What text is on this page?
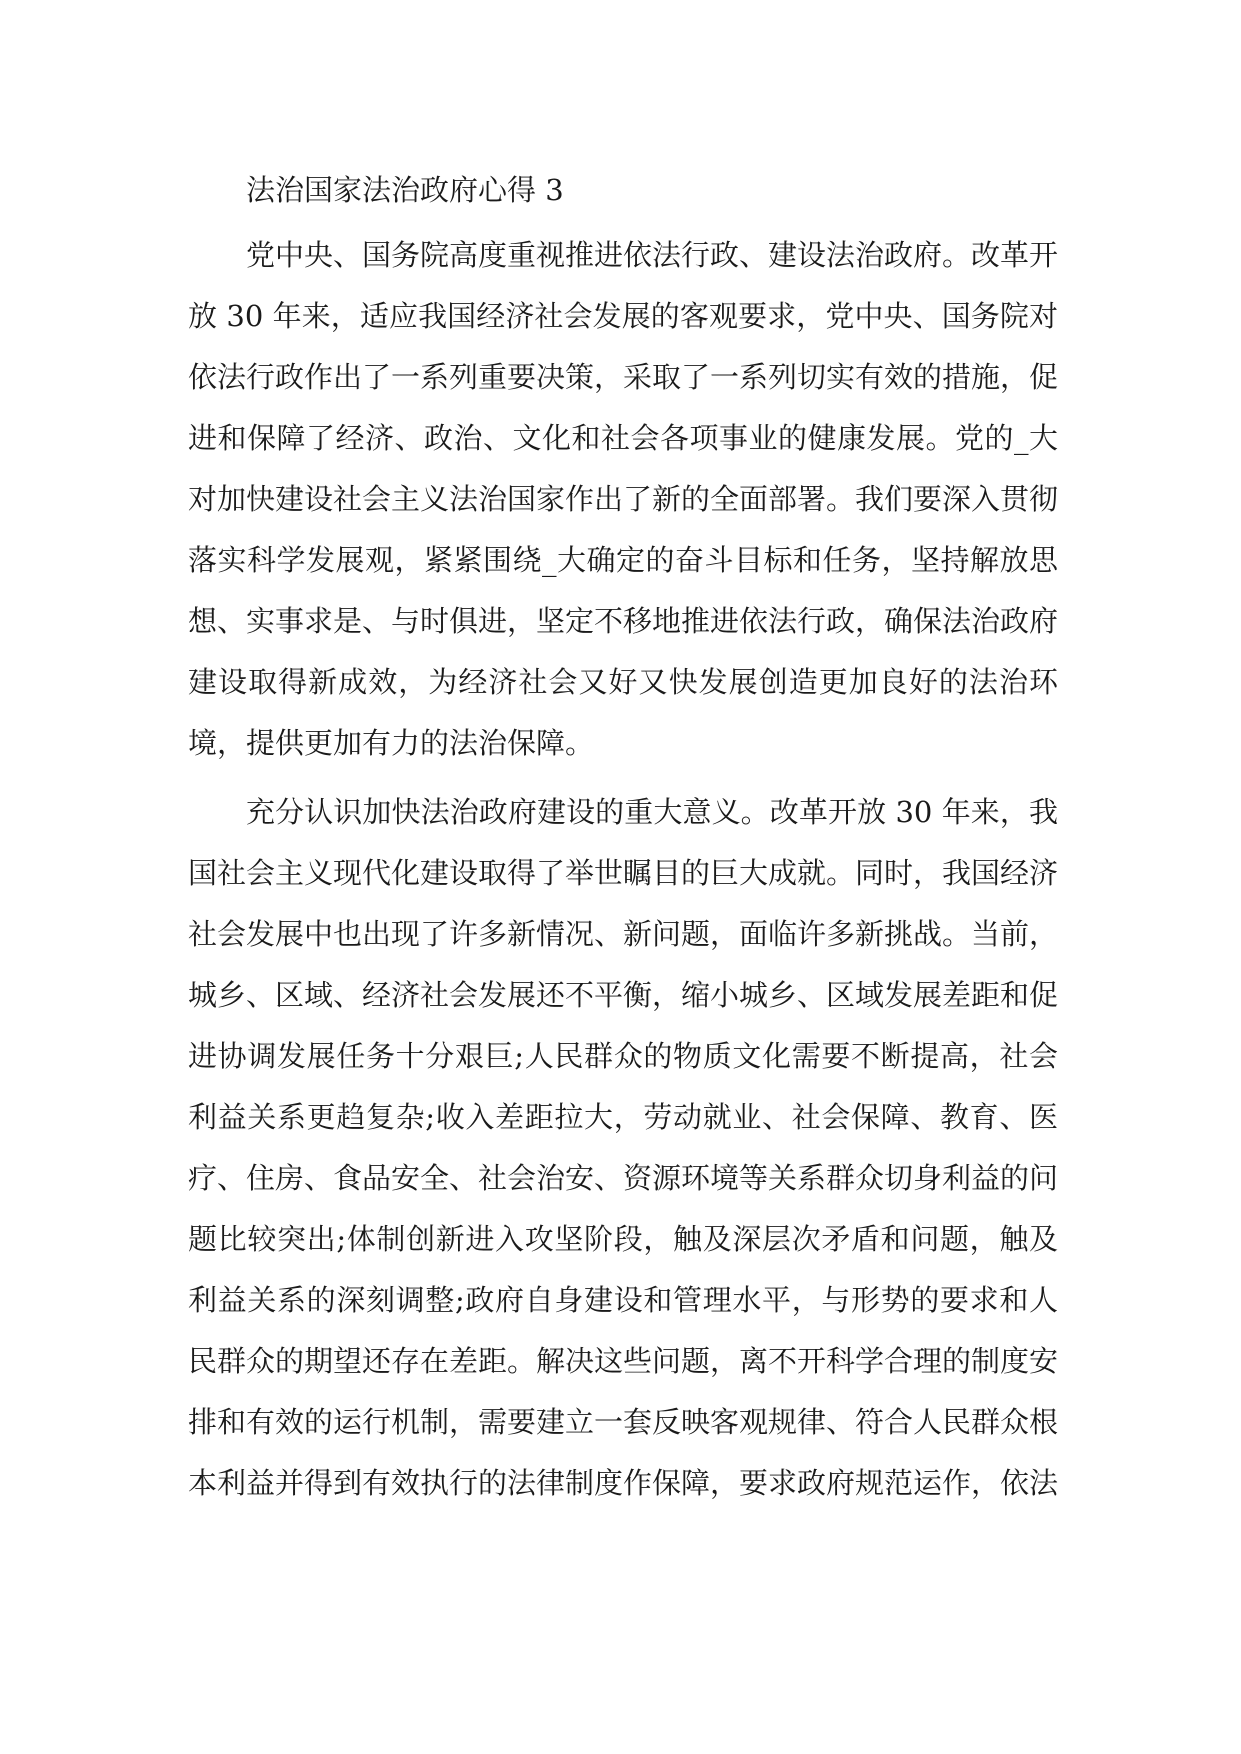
法治国家法治政府心得 3

党中央、国务院高度重视推进依法行政、建设法治政府。改革开放 30 年来，适应我国经济社会发展的客观要求，党中央、国务院对依法行政作出了一系列重要决策，采取了一系列切实有效的措施，促进和保障了经济、政治、文化和社会各项事业的健康发展。党的_大对加快建设社会主义法治国家作出了新的全面部署。我们要深入贯彻落实科学发展观，紧紧围绕_大确定的奋斗目标和任务，坚持解放思想、实事求是、与时俱进，坚定不移地推进依法行政，确保法治政府建设取得新成效，为经济社会又好又快发展创造更加良好的法治环境，提供更加有力的法治保障。

充分认识加快法治政府建设的重大意义。改革开放 30 年来，我国社会主义现代化建设取得了举世瞩目的巨大成就。同时，我国经济社会发展中也出现了许多新情况、新问题，面临许多新挑战。当前，城乡、区域、经济社会发展还不平衡，缩小城乡、区域发展差距和促进协调发展任务十分艰巨;人民群众的物质文化需要不断提高，社会利益关系更趋复杂;收入差距拉大，劳动就业、社会保障、教育、医疗、住房、食品安全、社会治安、资源环境等关系群众切身利益的问题比较突出;体制创新进入攻坚阶段，触及深层次矛盾和问题，触及利益关系的深刻调整;政府自身建设和管理水平，与形势的要求和人民群众的期望还存在差距。解决这些问题，离不开科学合理的制度安排和有效的运行机制，需要建立一套反映客观规律、符合人民群众根本利益并得到有效执行的法律制度作保障，要求政府规范运作，依法
